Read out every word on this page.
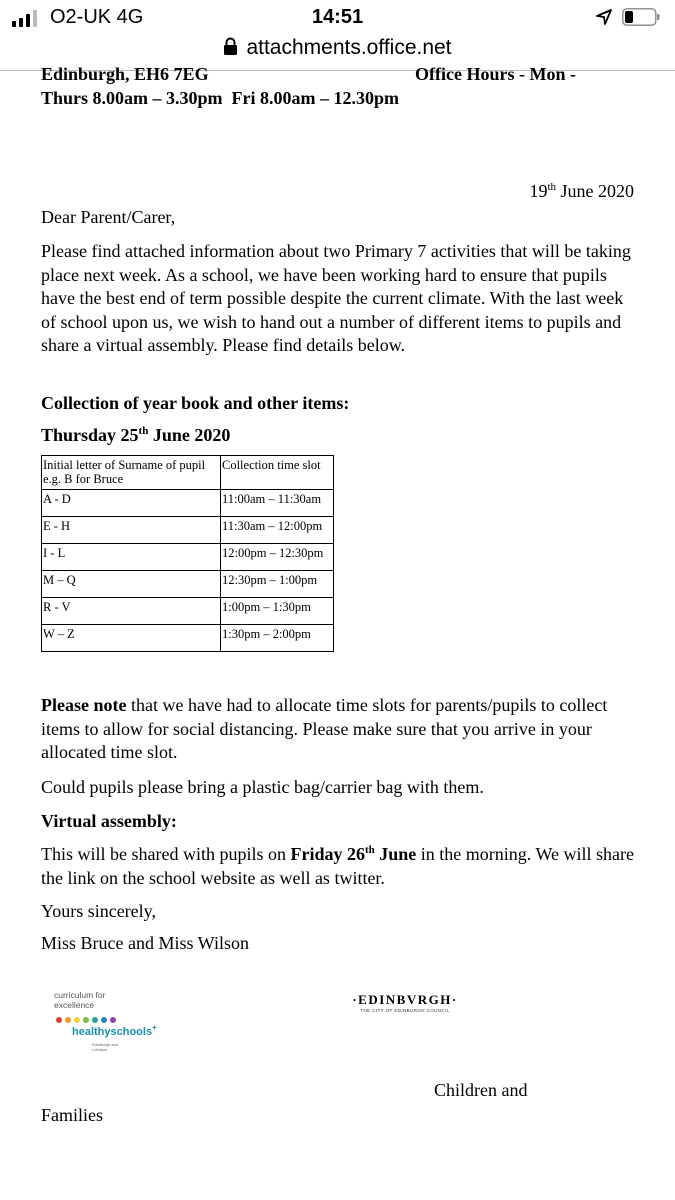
O2-UK 4G	14:51
attachments.office.net
Edinburgh, EH6 7EG	Office Hours - Mon -
Thurs 8.00am – 3.30pm  Fri 8.00am – 12.30pm
19th June 2020

Dear Parent/Carer,

Please find attached information about two Primary 7 activities that will be taking place next week. As a school, we have been working hard to ensure that pupils have the best end of term possible despite the current climate. With the last week of school upon us, we wish to hand out a number of different items to pupils and share a virtual assembly. Please find details below.

Collection of year book and other items:

Thursday 25th June 2020

Initial letter of Surname of pupil e.g. B for Bruce	Collection time slot
A - D	11:00am – 11:30am
E - H	11:30am – 12:00pm
I - L	12:00pm – 12:30pm
M – Q	12:30pm – 1:00pm
R - V	1:00pm – 1:30pm
W – Z	1:30pm – 2:00pm

Please note that we have had to allocate time slots for parents/pupils to collect items to allow for social distancing. Please make sure that you arrive in your allocated time slot.

Could pupils please bring a plastic bag/carrier bag with them.

Virtual assembly:

This will be shared with pupils on Friday 26th June in the morning. We will share the link on the school website as well as twitter.

Yours sincerely,

Miss Bruce and Miss Wilson

curriculum for excellence
healthyschools+
Edinburgh and Lothians
·EDINBVRGH·
THE CITY OF EDINBURGH COUNCIL
Children and
Families
